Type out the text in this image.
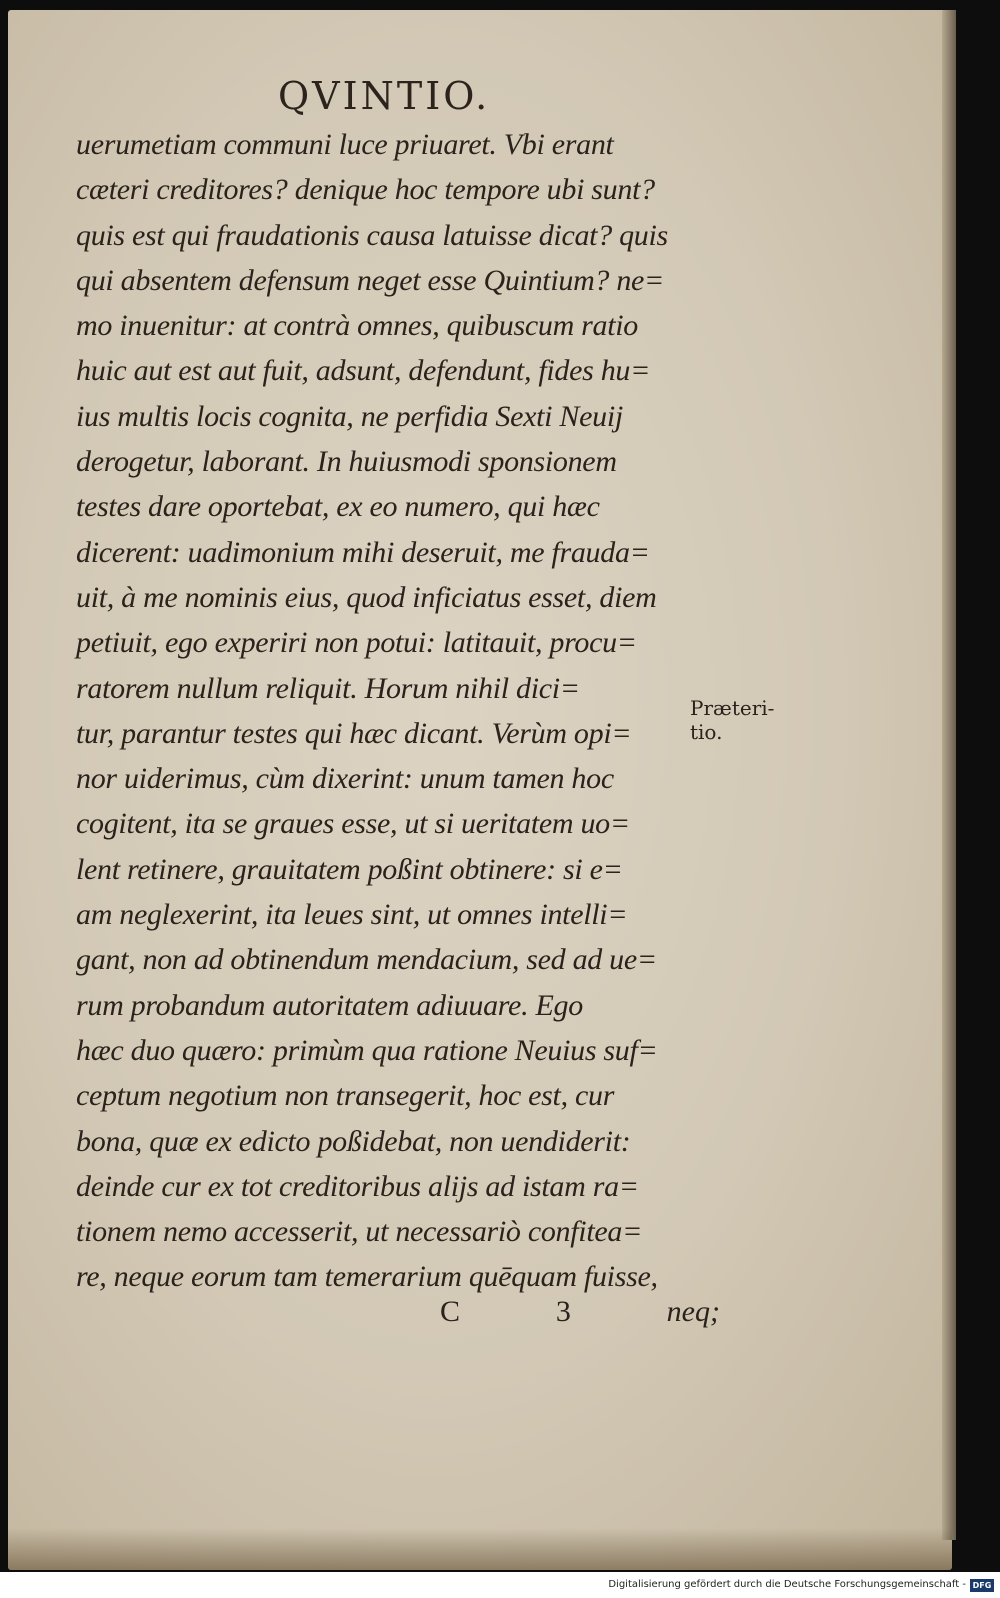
QVINTIO.
uerumetiam communi luce priuaret. Vbi erant
cæteri creditores? denique hoc tempore ubi sunt?
quis est qui fraudationis causa latuisse dicat? quis
qui absentem defensum neget esse Quintium? ne=
mo inuenitur: at contrà omnes, quibuscum ratio
huic aut est aut fuit, adsunt, defendunt, fides hu=
ius multis locis cognita, ne perfidia Sexti Neuij
derogetur, laborant. In huiusmodi sponsionem
testes dare oportebat, ex eo numero, qui hæc
dicerent: uadimonium mihi deseruit, me frauda=
uit, à me nominis eius, quod inficiatus esset, diem
petiuit, ego experiri non potui: latitauit, procu=
ratorem nullum reliquit. Horum nihil dici=
tur, parantur testes qui hæc dicant. Verùm opi=
nor uiderimus, cùm dixerint: unum tamen hoc
cogitent, ita se graues esse, ut si ueritatem uo=
lent retinere, grauitatem poßint obtinere: si e=
am neglexerint, ita leues sint, ut omnes intelli=
gant, non ad obtinendum mendacium, sed ad ue=
rum probandum autoritatem adiuuare. Ego
hæc duo quæro: primùm qua ratione Neuius suf=
ceptum negotium non transegerit, hoc est, cur
bona, quæ ex edicto poßidebat, non uendiderit:
deinde cur ex tot creditoribus alijs ad istam ra=
tionem nemo accesserit, ut necessariò confitea=
re, neque eorum tam temerarium quēquam fuisse,
Præteri-
tio.
C	3	neq;
Digitalisierung gefördert durch die Deutsche Forschungsgemeinschaft - DFG
